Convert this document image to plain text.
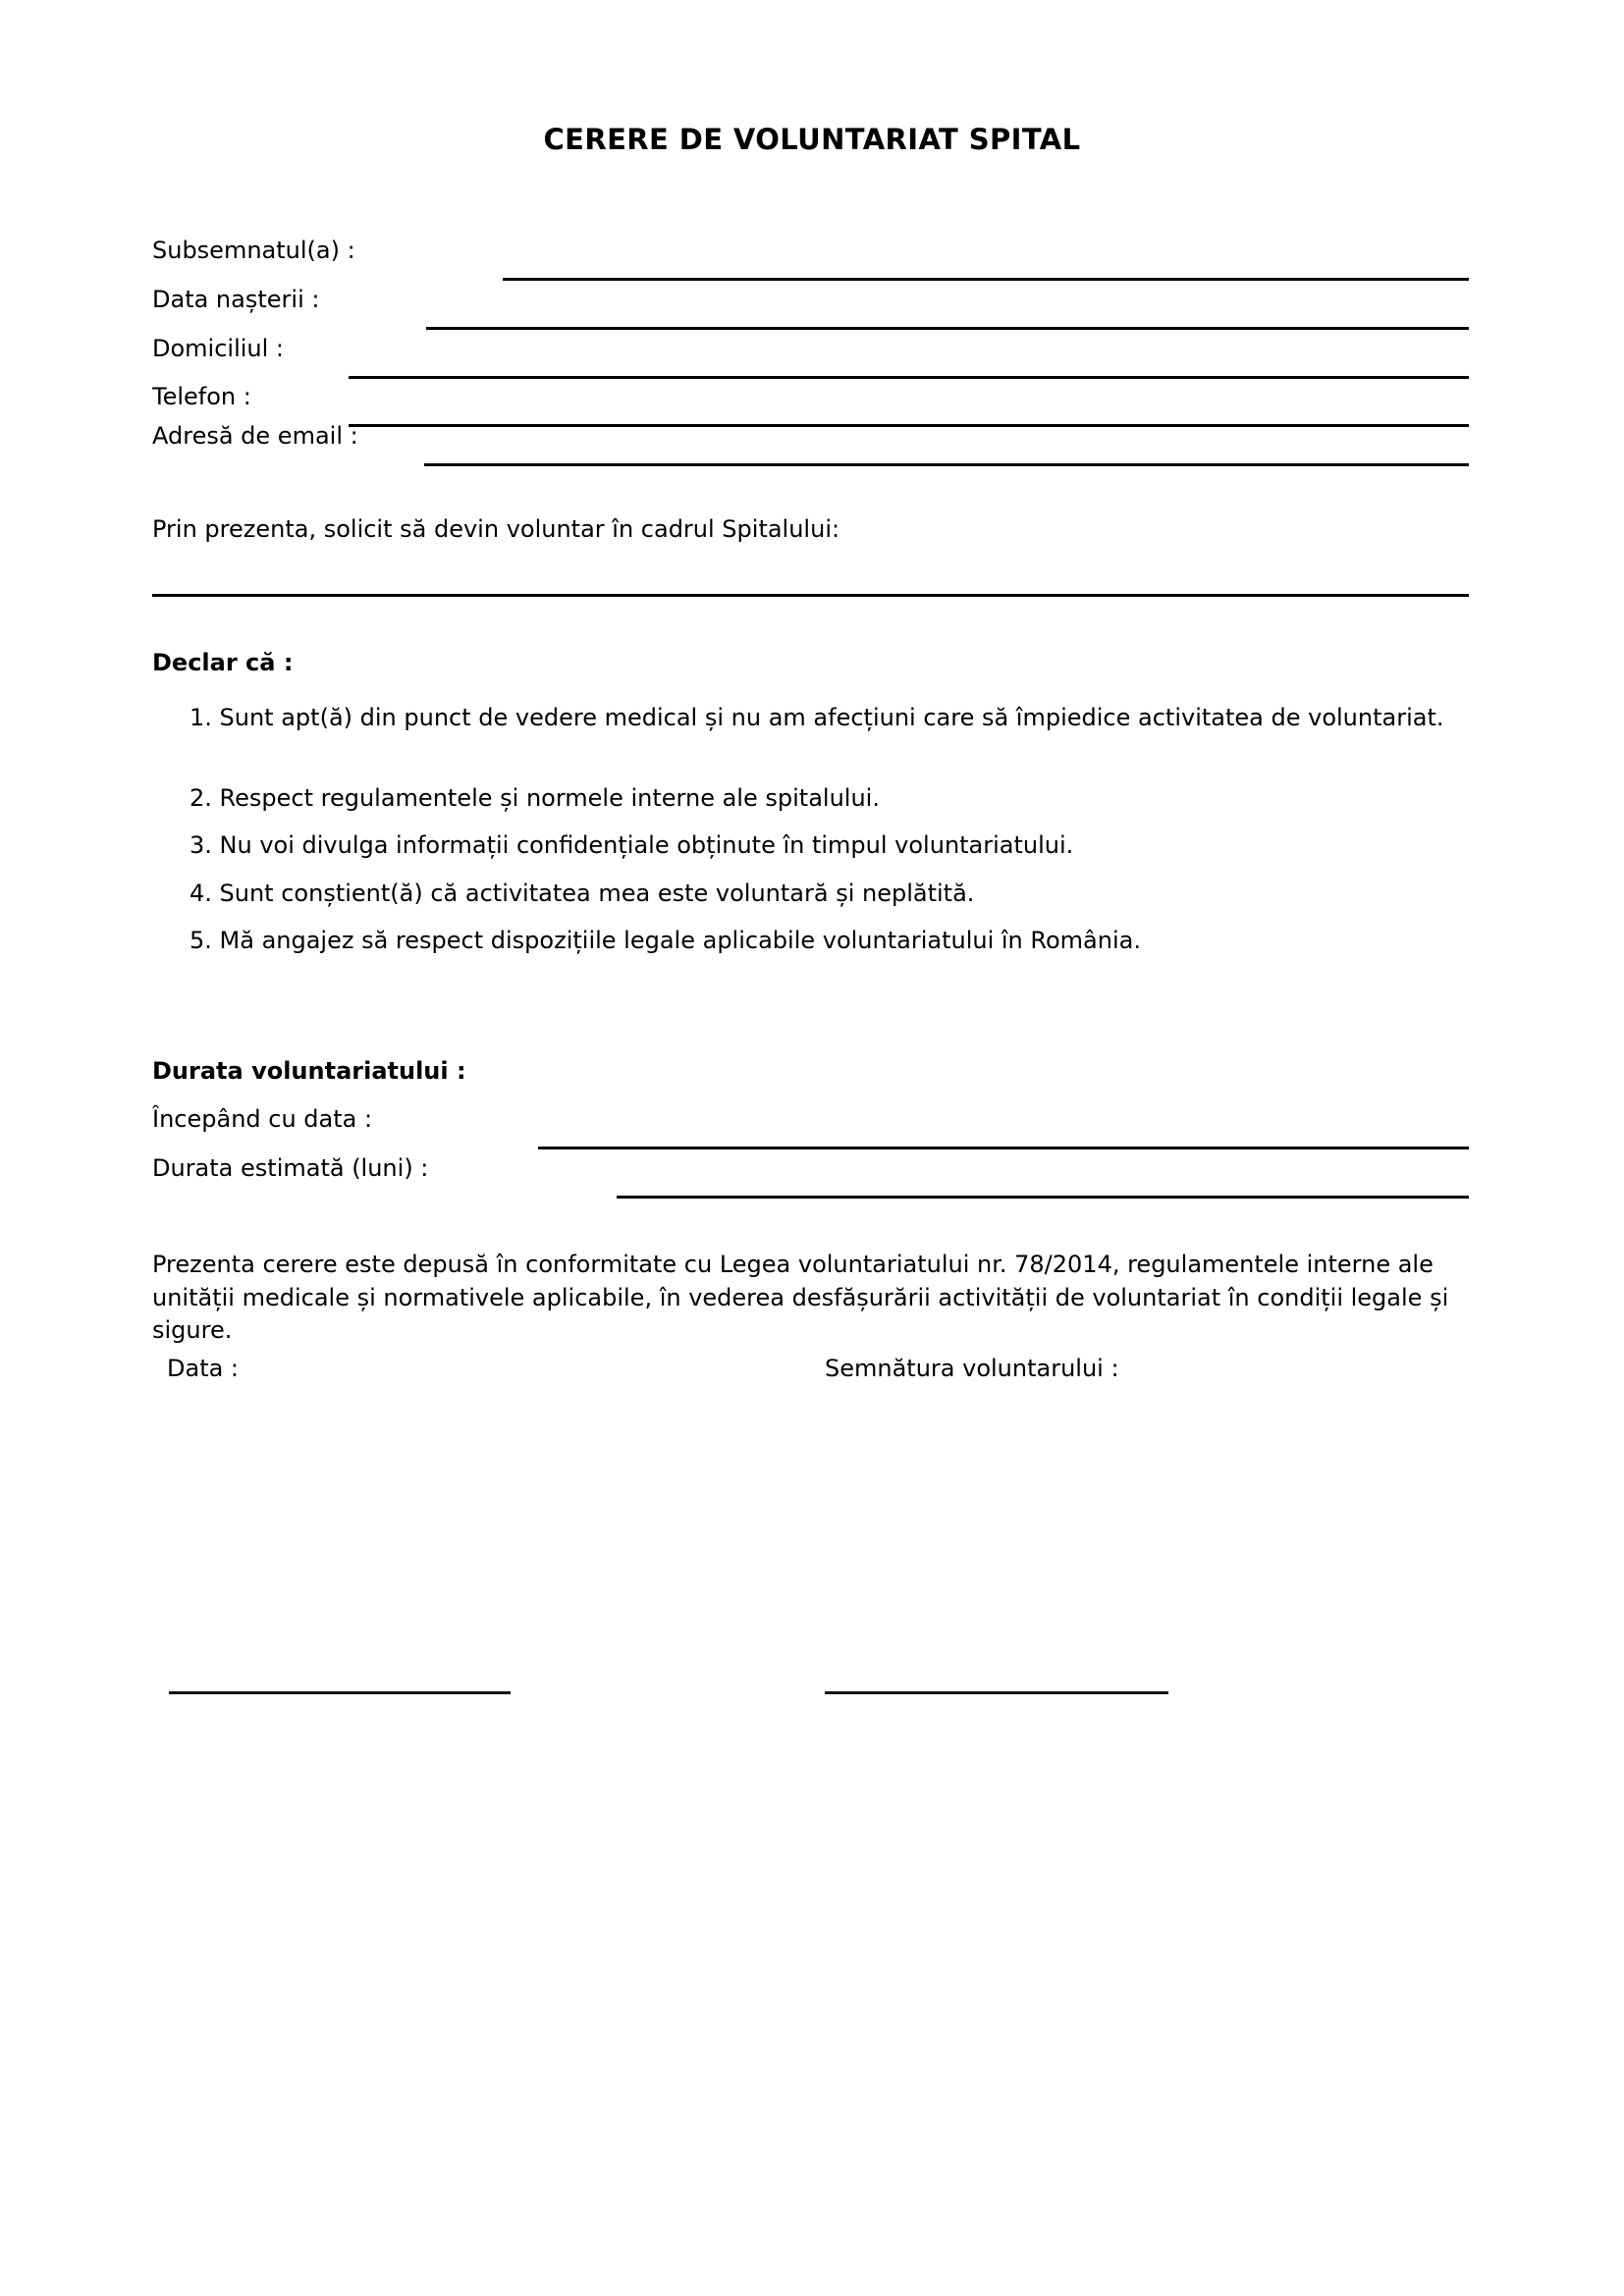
CERERE DE VOLUNTARIAT SPITAL
Subsemnatul(a) :
Data nașterii :
Domiciliul :
Telefon :
Adresă de email :
Prin prezenta, solicit să devin voluntar în cadrul Spitalului:
Declar că :
1. Sunt apt(ă) din punct de vedere medical și nu am afecțiuni care să împiedice activitatea de voluntariat.
2. Respect regulamentele și normele interne ale spitalului.
3. Nu voi divulga informații confidențiale obținute în timpul voluntariatului.
4. Sunt conștient(ă) că activitatea mea este voluntară și neplătită.
5. Mă angajez să respect dispozițiile legale aplicabile voluntariatului în România.
Durata voluntariatului :
Începând cu data :
Durata estimată (luni) :
Prezenta cerere este depusă în conformitate cu Legea voluntariatului nr. 78/2014, regulamentele interne ale unității medicale și normativele aplicabile, în vederea desfășurării activității de voluntariat în condiții legale și sigure.
Data :	Semnătura voluntarului :
